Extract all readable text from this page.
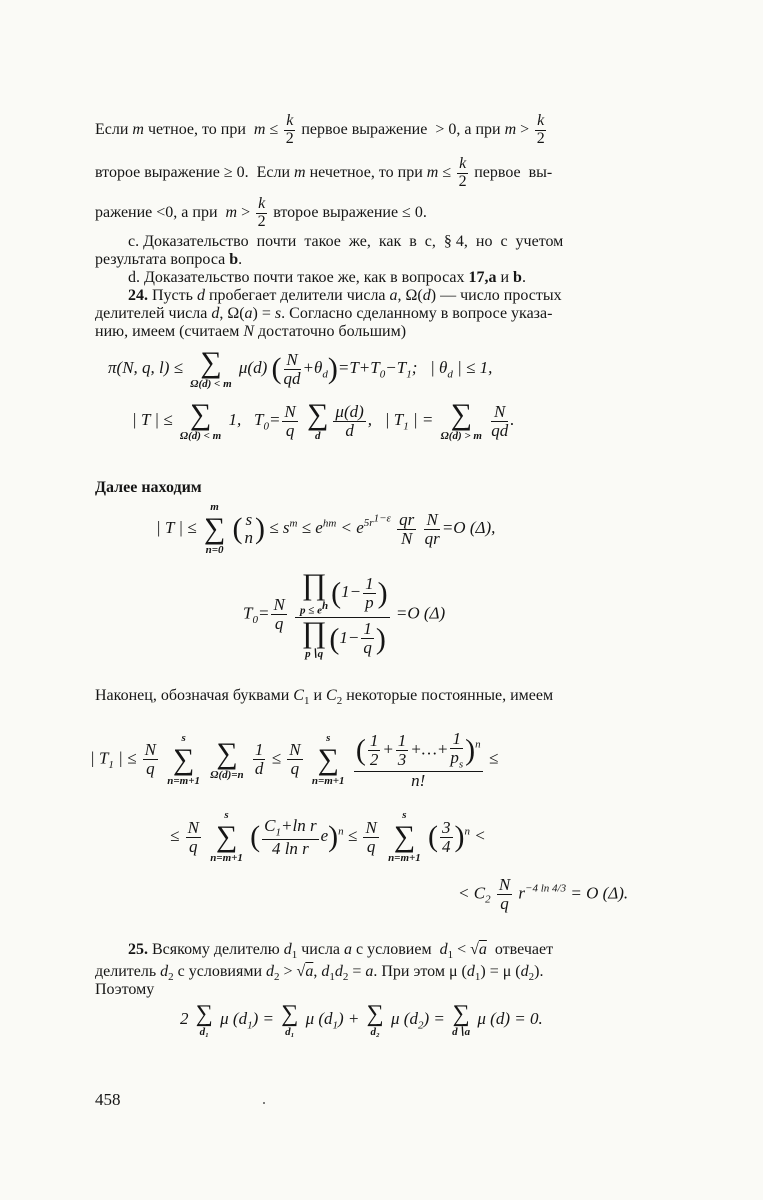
Если m четное, то при  $m \le \frac{k}{2}$ первое выражение  > 0, а при $m > \frac{k}{2}$
второе выражение ≥ 0.  Если m нечетное, то при $m \le \frac{k}{2}$ первое  вы-
ражение <0, а при  $m > \frac{k}{2}$ второе выражение ≤ 0.
c. Доказательство  почти  такое  же,  как  в  c,  § 4,  но  с  учетом
результата вопроса b.
d. Доказательство почти такое же, как в вопросах 17,a и b.
24. Пусть d пробегает делители числа a, Ω(d) — число простых
делителей числа d, Ω(a) = s. Согласно сделанному в вопросе указа-
нию, имеем (считаем N достаточно большим)
π(N, q, l) ≤ ∑
Ω(d) < m
μ(d) ( $\frac{N}{qd} +\theta_d)=T+T_0-T_1$;   | $\theta_d$ | ≤ 1,
| T | ≤ ∑
Ω(d) < m
1,   $T_0= \frac{N}{q}$ ∑
d $\frac{\mu(d)}{d}$ ,   | $T_1$ | = ∑
Ω(d) > m
$\frac{N}{qd}$ .
Далее находим
| T | ≤
m
∑
n=0
( s
n ) ≤ $s^m \le e^{hm} < e^{5r^{1-\varepsilon}} \frac{qr}{N}$
$\frac{N}{qr} =O$ (Δ),
$T_0= \frac{N}{q}$
∏
$p \le e^h$ ($1- \frac{1}{p}$ )
∏
p∖q ($1- \frac{1}{q}$ ) =O (Δ)
Наконец, обозначая буквами $C_1$ и $C_2$ некоторые постоянные, имеем
| $T_1$ | ≤ $\frac{N}{q}$

s
∑
n=m+1
∑
Ω(d)=n
$\frac{1}{d} \le \frac{N}{q}$

s
∑
n=m+1
$\frac{( \frac{1}{2} + \frac{1}{3} +\dots+ \frac{1}{p_s} )^n}{n!}$ ≤
≤ $\frac{N}{q}$

s
∑
n=m+1
( $\frac{C_1+\ln r}{\text{4 ln r}} e)^n \le \frac{N}{q}$

s
∑
n=m+1
( $\frac{3}{4} )^n$ <
< $C_2 \frac{N}{q} r^{-4 ln 4/3} = O$ (Δ).
25. Всякому делителю $d_1$ числа a с условием  $d_1 < √a$  отвечает
делитель $d_2$ с условиями $d_2 > √a$, $d_1d_2 = a$. При этом μ $(d_1) = \mu$ $(d_2)$.
Поэтому
2 ∑
d₁
μ $(d_1)$ = ∑
d₁
μ $(d_1)$ + ∑
d₂
μ $(d_2)$ = ∑
d∖a
μ (d) = 0.
458
